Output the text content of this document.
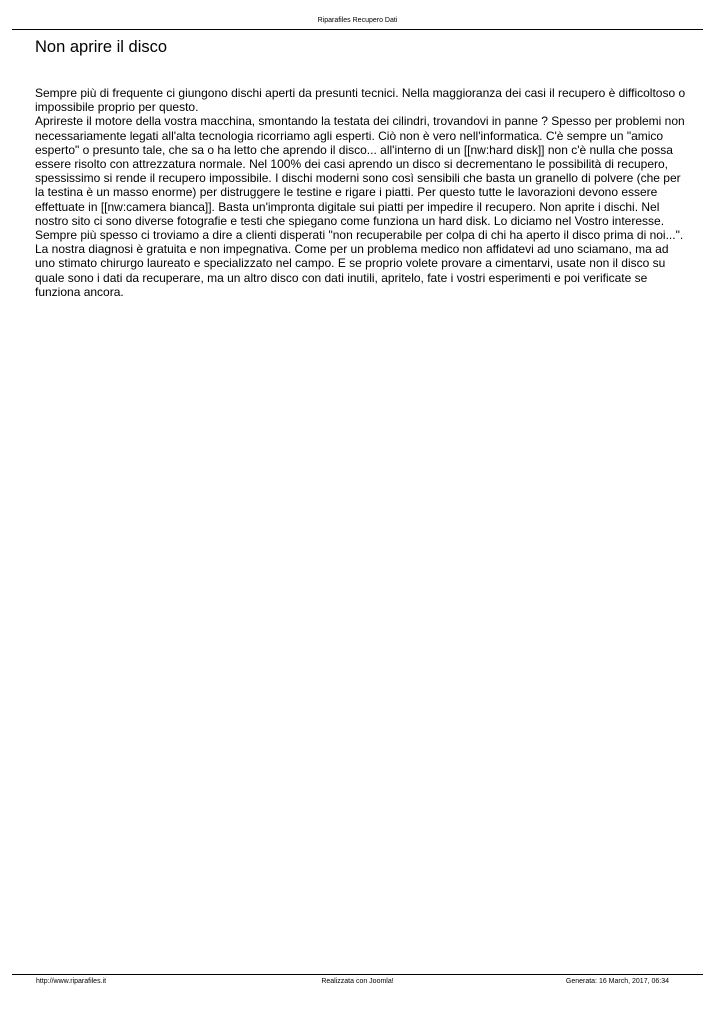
Riparafiles Recupero Dati
Non aprire il disco

Sempre più di frequente ci giungono dischi aperti da presunti tecnici. Nella maggioranza dei casi il recupero è difficoltoso o impossibile proprio per questo.

Aprireste il motore della vostra macchina, smontando la testata dei cilindri, trovandovi in panne ? Spesso per problemi non necessariamente legati all'alta tecnologia ricorriamo agli esperti. Ciò non è vero nell'informatica. C'è sempre un "amico esperto" o presunto tale, che sa o ha letto che aprendo il disco... all'interno di un [[nw:hard disk]] non c'è nulla che possa essere risolto con attrezzatura normale. Nel 100% dei casi aprendo un disco si decrementano le possibilità di recupero, spessissimo si rende il recupero impossibile. I dischi moderni sono così sensibili che basta un granello di polvere (che per la testina è un masso enorme) per distruggere le testine e rigare i piatti. Per questo tutte le lavorazioni devono essere effettuate in [[nw:camera bianca]]. Basta un'impronta digitale sui piatti per impedire il recupero. Non aprite i dischi. Nel nostro sito ci sono diverse fotografie e testi che spiegano come funziona un hard disk. Lo diciamo nel Vostro interesse. Sempre più spesso ci troviamo a dire a clienti disperati "non recuperabile per colpa di chi ha aperto il disco prima di noi...". La nostra diagnosi è gratuita e non impegnativa. Come per un problema medico non affidatevi ad uno sciamano, ma ad uno stimato chirurgo laureato e specializzato nel campo. E se proprio volete provare a cimentarvi, usate non il disco su quale sono i dati da recuperare, ma un altro disco con dati inutili, apritelo, fate i vostri esperimenti e poi verificate se funziona ancora.

http://www.riparafiles.it	Realizzata con Joomla!	Generata: 16 March, 2017, 06:34
